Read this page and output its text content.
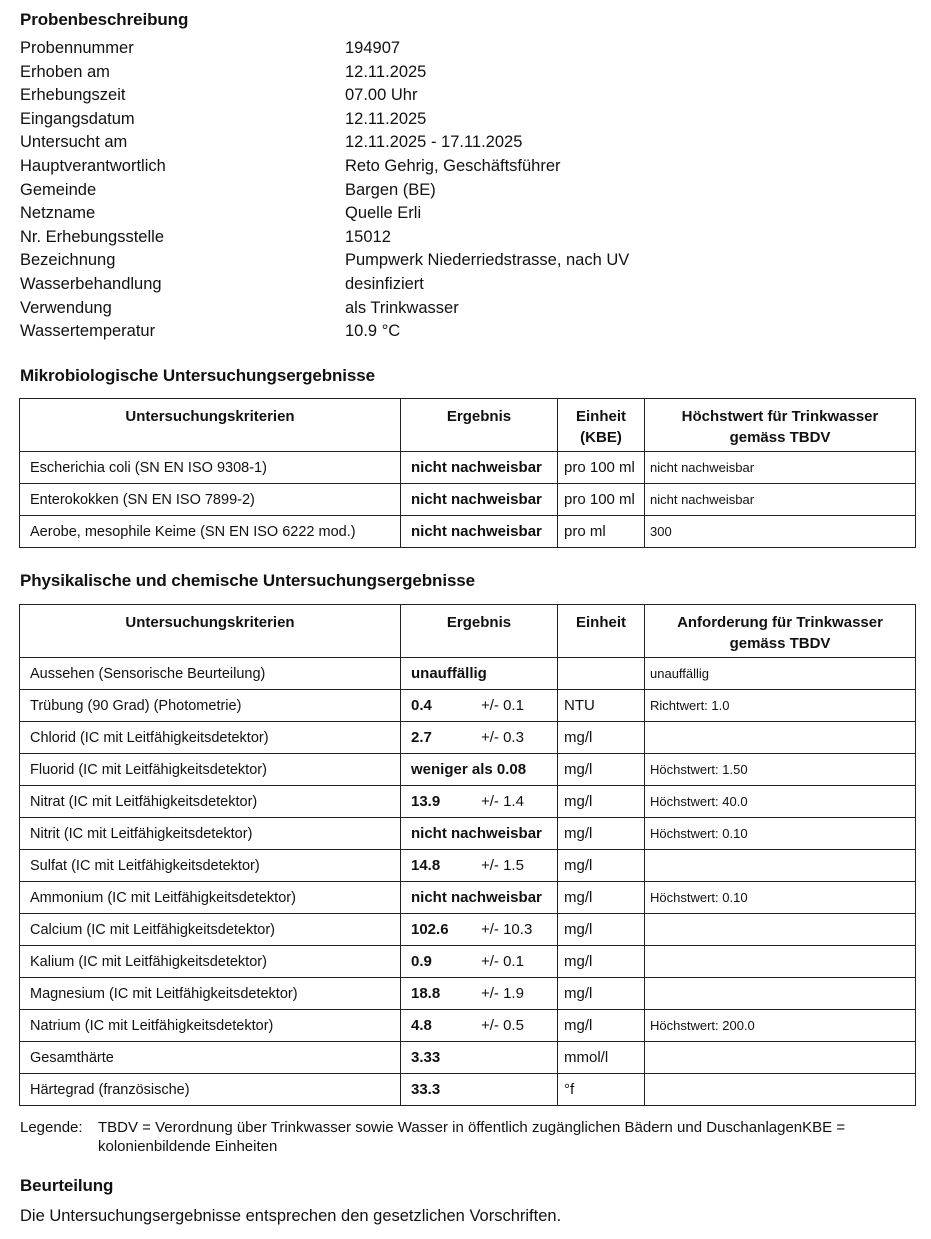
Probenbeschreibung
Probennummer	194907
Erhoben am	12.11.2025
Erhebungszeit	07.00 Uhr
Eingangsdatum	12.11.2025
Untersucht am	12.11.2025 - 17.11.2025
Hauptverantwortlich	Reto Gehrig, Geschäftsführer
Gemeinde	Bargen (BE)
Netzname	Quelle Erli
Nr. Erhebungsstelle	15012
Bezeichnung	Pumpwerk Niederriedstrasse, nach UV
Wasserbehandlung	desinfiziert
Verwendung	als Trinkwasser
Wassertemperatur	10.9 °C
Mikrobiologische Untersuchungsergebnisse
Untersuchungskriterien	Ergebnis	Einheit (KBE)	Höchstwert für Trinkwasser gemäss TBDV
Escherichia coli (SN EN ISO 9308-1)	nicht nachweisbar	pro 100 ml	nicht nachweisbar
Enterokokken (SN EN ISO 7899-2)	nicht nachweisbar	pro 100 ml	nicht nachweisbar
Aerobe, mesophile Keime (SN EN ISO 6222 mod.)	nicht nachweisbar	pro ml	300
Physikalische und chemische Untersuchungsergebnisse
Untersuchungskriterien	Ergebnis	Einheit	Anforderung für Trinkwasser gemäss TBDV
Aussehen (Sensorische Beurteilung)	unauffällig		unauffällig
Trübung (90 Grad) (Photometrie)	0.4 +/- 0.1	NTU	Richtwert: 1.0
Chlorid (IC mit Leitfähigkeitsdetektor)	2.7 +/- 0.3	mg/l	
Fluorid (IC mit Leitfähigkeitsdetektor)	weniger als 0.08	mg/l	Höchstwert: 1.50
Nitrat (IC mit Leitfähigkeitsdetektor)	13.9 +/- 1.4	mg/l	Höchstwert: 40.0
Nitrit (IC mit Leitfähigkeitsdetektor)	nicht nachweisbar	mg/l	Höchstwert: 0.10
Sulfat (IC mit Leitfähigkeitsdetektor)	14.8 +/- 1.5	mg/l	
Ammonium (IC mit Leitfähigkeitsdetektor)	nicht nachweisbar	mg/l	Höchstwert: 0.10
Calcium (IC mit Leitfähigkeitsdetektor)	102.6 +/- 10.3	mg/l	
Kalium (IC mit Leitfähigkeitsdetektor)	0.9 +/- 0.1	mg/l	
Magnesium (IC mit Leitfähigkeitsdetektor)	18.8 +/- 1.9	mg/l	
Natrium (IC mit Leitfähigkeitsdetektor)	4.8 +/- 0.5	mg/l	Höchstwert: 200.0
Gesamthärte	3.33	mmol/l	
Härtegrad (französische)	33.3	°f	
Legende: TBDV = Verordnung über Trinkwasser sowie Wasser in öffentlich zugänglichen Bädern und DuschanlagenKBE = kolonienbildende Einheiten
Beurteilung
Die Untersuchungsergebnisse entsprechen den gesetzlichen Vorschriften.
